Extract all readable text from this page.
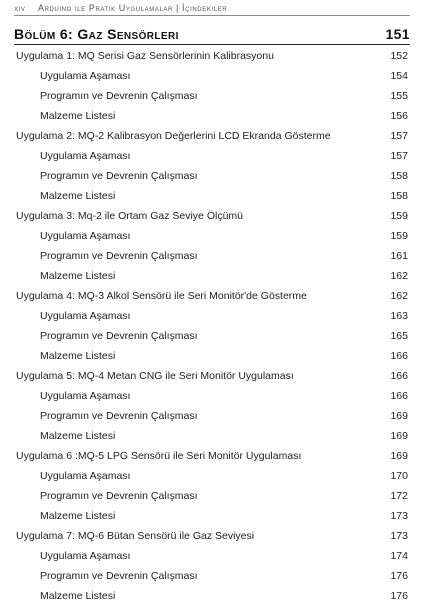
xiv Arduino ile Pratik Uygulamalar | İçindekiler
Bölüm 6: Gaz Sensörleri	151
Uygulama 1: MQ Serisi Gaz Sensörlerinin Kalibrasyonu	152
Uygulama Aşaması	154
Programın ve Devrenin Çalışması	155
Malzeme Listesi	156
Uygulama 2: MQ-2 Kalibrasyon Değerlerini LCD Ekranda Gösterme	157
Uygulama Aşaması	157
Programın ve Devrenin Çalışması	158
Malzeme Listesi	158
Uygulama 3: Mq-2 ile Ortam Gaz Seviye Ölçümü	159
Uygulama Aşaması	159
Programın ve Devrenin Çalışması	161
Malzeme Listesi	162
Uygulama 4: MQ-3 Alkol Sensörü ile Seri Monitör'de Gösterme	162
Uygulama Aşaması	163
Programın ve Devrenin Çalışması	165
Malzeme Listesi	166
Uygulama 5: MQ-4 Metan CNG ile Seri Monitör Uygulaması	166
Uygulama Aşaması	166
Programın ve Devrenin Çalışması	169
Malzeme Listesi	169
Uygulama 6 :MQ-5 LPG Sensörü ile Seri Monitör Uygulaması	169
Uygulama Aşaması	170
Programın ve Devrenin Çalışması	172
Malzeme Listesi	173
Uygulama 7: MQ-6 Bütan Sensörü ile Gaz Seviyesi	173
Uygulama Aşaması	174
Programın ve Devrenin Çalışması	176
Malzeme Listesi	176
